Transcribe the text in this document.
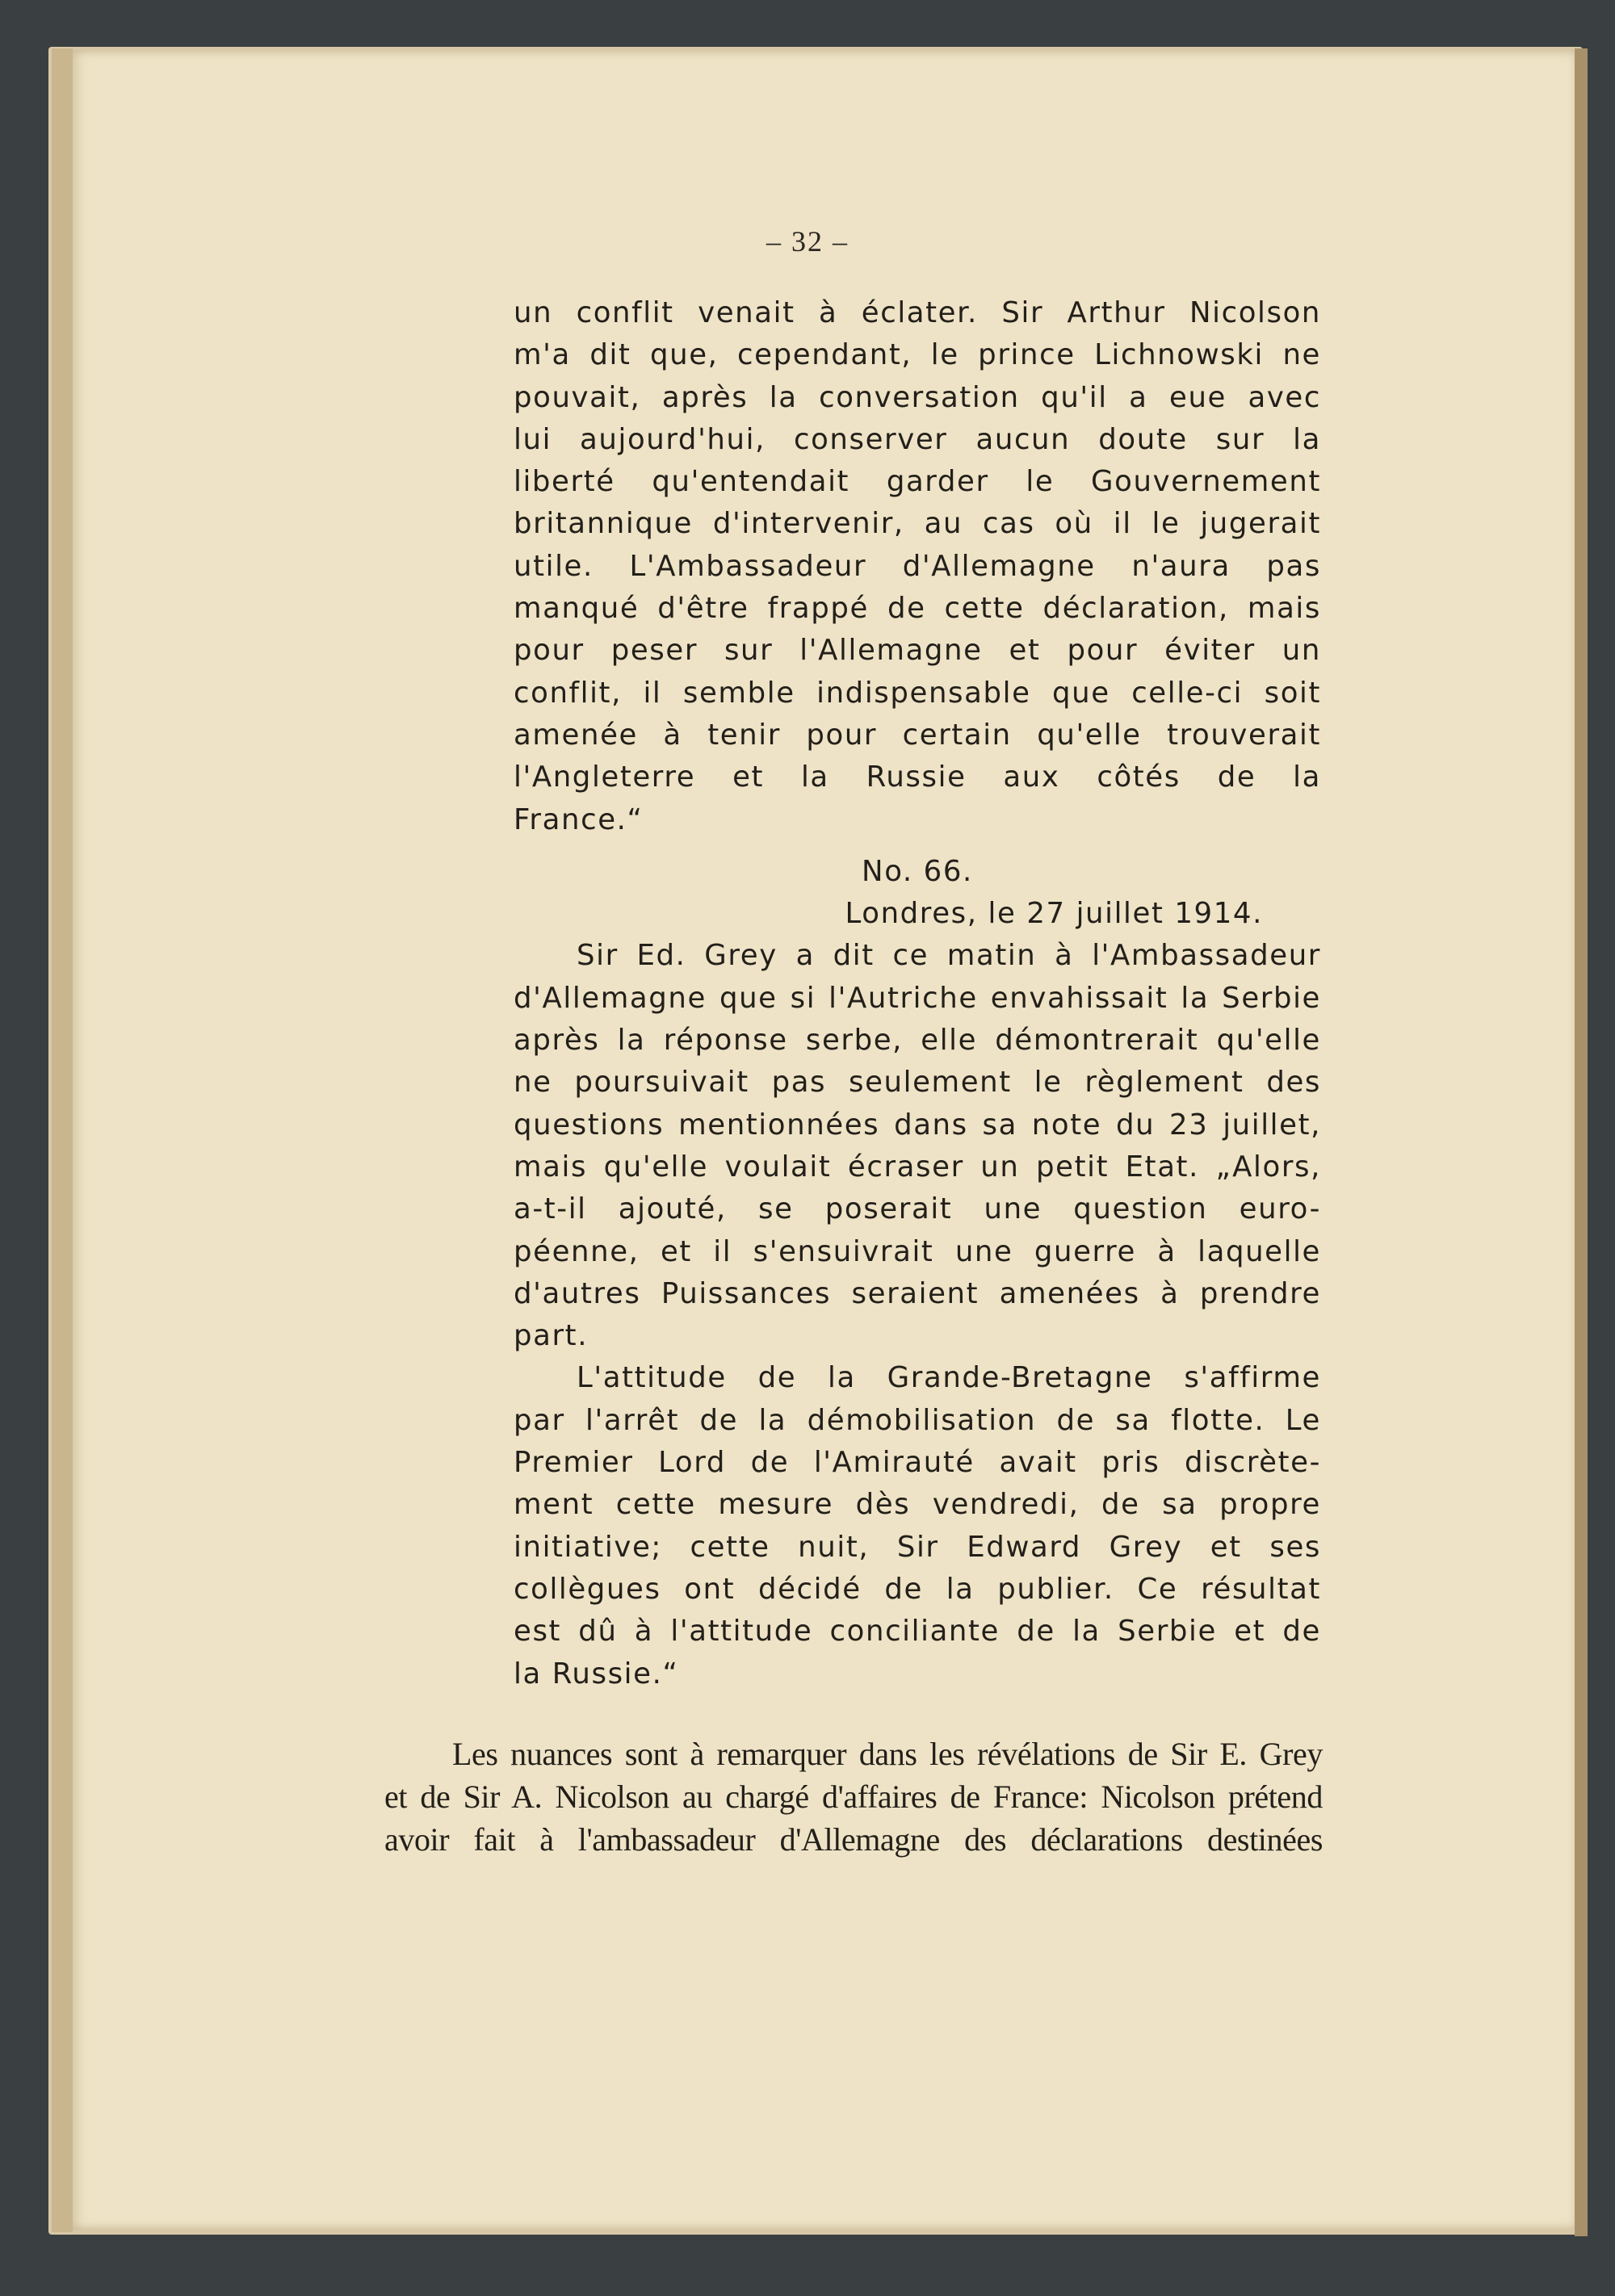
– 32 –
un conflit venait à éclater. Sir Arthur Nicolson
m'a dit que, cependant, le prince Lichnowski ne
pouvait, après la conversation qu'il a eue avec
lui aujourd'hui, conserver aucun doute sur la
liberté qu'entendait garder le Gouvernement
britannique d'intervenir, au cas où il le jugerait
utile. L'Ambassadeur d'Allemagne n'aura pas
manqué d'être frappé de cette déclaration, mais
pour peser sur l'Allemagne et pour éviter un
conflit, il semble indispensable que celle-ci soit
amenée à tenir pour certain qu'elle trouverait
l'Angleterre et la Russie aux côtés de la
France.“
No. 66.
Londres, le 27 juillet 1914.
Sir Ed. Grey a dit ce matin à l'Ambassadeur
d'Allemagne que si l'Autriche envahissait la Serbie
après la réponse serbe, elle démontrerait qu'elle
ne poursuivait pas seulement le règlement des
questions mentionnées dans sa note du 23 juillet,
mais qu'elle voulait écraser un petit Etat. „Alors,
a-t-il ajouté, se poserait une question euro-
péenne, et il s'ensuivrait une guerre à laquelle
d'autres Puissances seraient amenées à prendre
part.
L'attitude de la Grande-Bretagne s'affirme
par l'arrêt de la démobilisation de sa flotte. Le
Premier Lord de l'Amirauté avait pris discrète-
ment cette mesure dès vendredi, de sa propre
initiative; cette nuit, Sir Edward Grey et ses
collègues ont décidé de la publier. Ce résultat
est dû à l'attitude conciliante de la Serbie et de
la Russie.“
Les nuances sont à remarquer dans les révélations de Sir E. Grey
et de Sir A. Nicolson au chargé d'affaires de France: Nicolson prétend
avoir fait à l'ambassadeur d'Allemagne des déclarations destinées
